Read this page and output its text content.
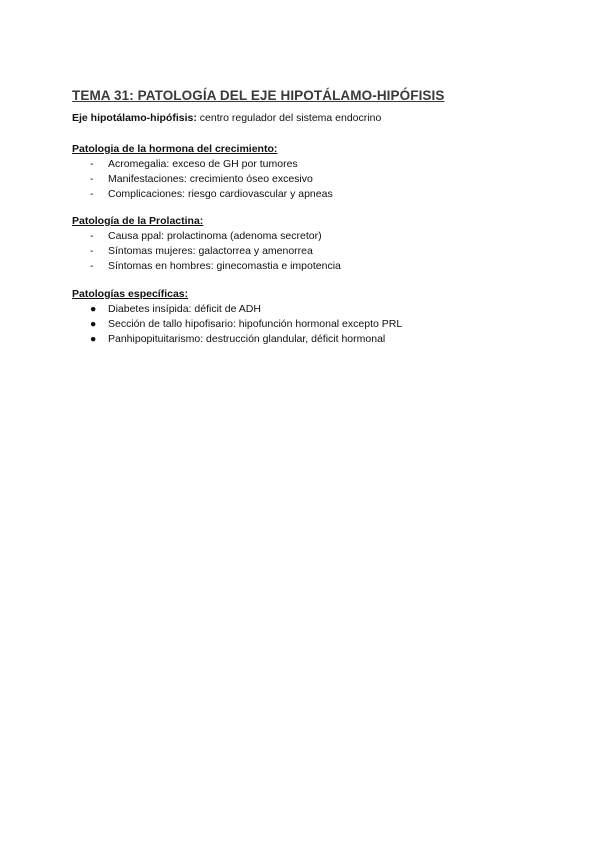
TEMA 31: PATOLOGÍA DEL EJE HIPOTÁLAMO-HIPÓFISIS
Eje hipotálamo-hipófisis: centro regulador del sistema endocrino
Patologia de la hormona del crecimiento:
-	Acromegalia: exceso de GH por tumores
-	Manifestaciones: crecimiento óseo excesivo
-	Complicaciones: riesgo cardiovascular y apneas
Patología de la Prolactina:
-	Causa ppal: prolactinoma (adenoma secretor)
-	Síntomas mujeres: galactorrea y amenorrea
-	Síntomas en hombres: ginecomastia e impotencia
Patologías específicas:
●	Diabetes insípida: déficit de ADH
●	Sección de tallo hipofisario: hipofunción hormonal excepto PRL
●	Panhipopituitarismo: destrucción glandular, déficit hormonal
